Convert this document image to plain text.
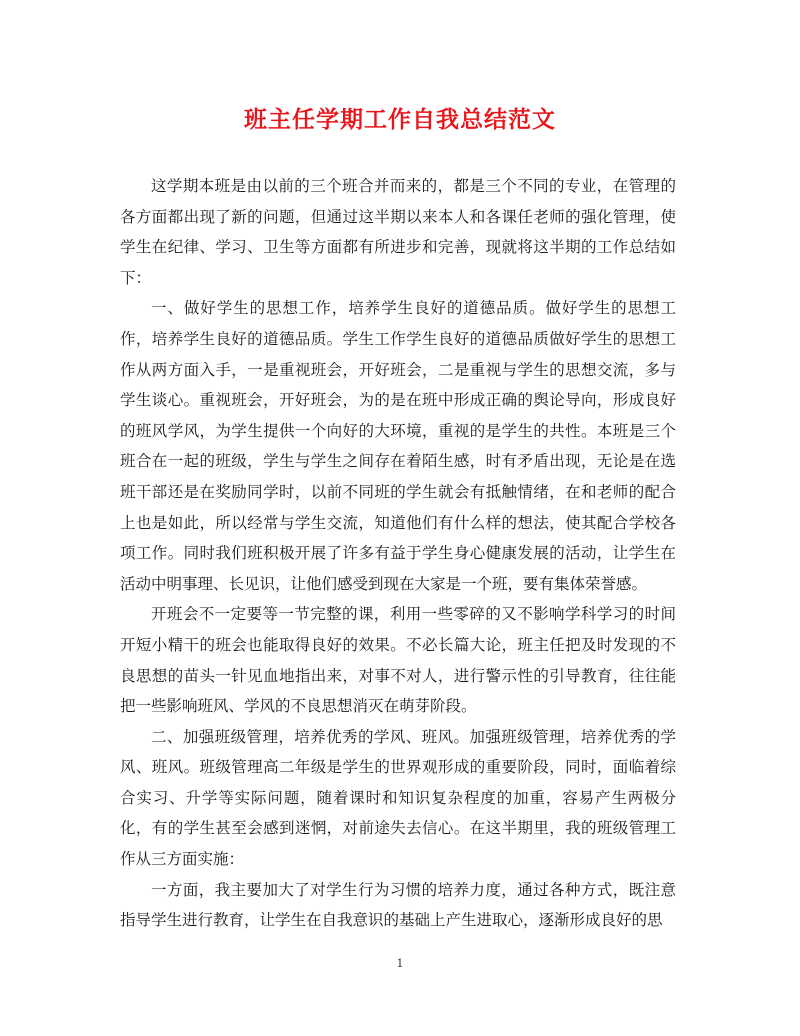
班主任学期工作自我总结范文

这学期本班是由以前的三个班合并而来的，都是三个不同的专业，在管理的各方面都出现了新的问题，但通过这半期以来本人和各课任老师的强化管理，使学生在纪律、学习、卫生等方面都有所进步和完善，现就将这半期的工作总结如下：

一、做好学生的思想工作，培养学生良好的道德品质。做好学生的思想工作，培养学生良好的道德品质。学生工作学生良好的道德品质做好学生的思想工作从两方面入手，一是重视班会，开好班会，二是重视与学生的思想交流，多与学生谈心。重视班会，开好班会，为的是在班中形成正确的舆论导向，形成良好的班风学风，为学生提供一个向好的大环境，重视的是学生的共性。本班是三个班合在一起的班级，学生与学生之间存在着陌生感，时有矛盾出现，无论是在选班干部还是在奖励同学时，以前不同班的学生就会有抵触情绪，在和老师的配合上也是如此，所以经常与学生交流，知道他们有什么样的想法，使其配合学校各项工作。同时我们班积极开展了许多有益于学生身心健康发展的活动，让学生在活动中明事理、长见识，让他们感受到现在大家是一个班，要有集体荣誉感。

开班会不一定要等一节完整的课，利用一些零碎的又不影响学科学习的时间开短小精干的班会也能取得良好的效果。不必长篇大论，班主任把及时发现的不良思想的苗头一针见血地指出来，对事不对人，进行警示性的引导教育，往往能把一些影响班风、学风的不良思想消灭在萌芽阶段。

二、加强班级管理，培养优秀的学风、班风。加强班级管理，培养优秀的学风、班风。班级管理高二年级是学生的世界观形成的重要阶段，同时，面临着综合实习、升学等实际问题，随着课时和知识复杂程度的加重，容易产生两极分化，有的学生甚至会感到迷惘，对前途失去信心。在这半期里，我的班级管理工作从三方面实施：

一方面，我主要加大了对学生行为习惯的培养力度，通过各种方式，既注意指导学生进行教育，让学生在自我意识的基础上产生进取心，逐渐形成良好的思

1
